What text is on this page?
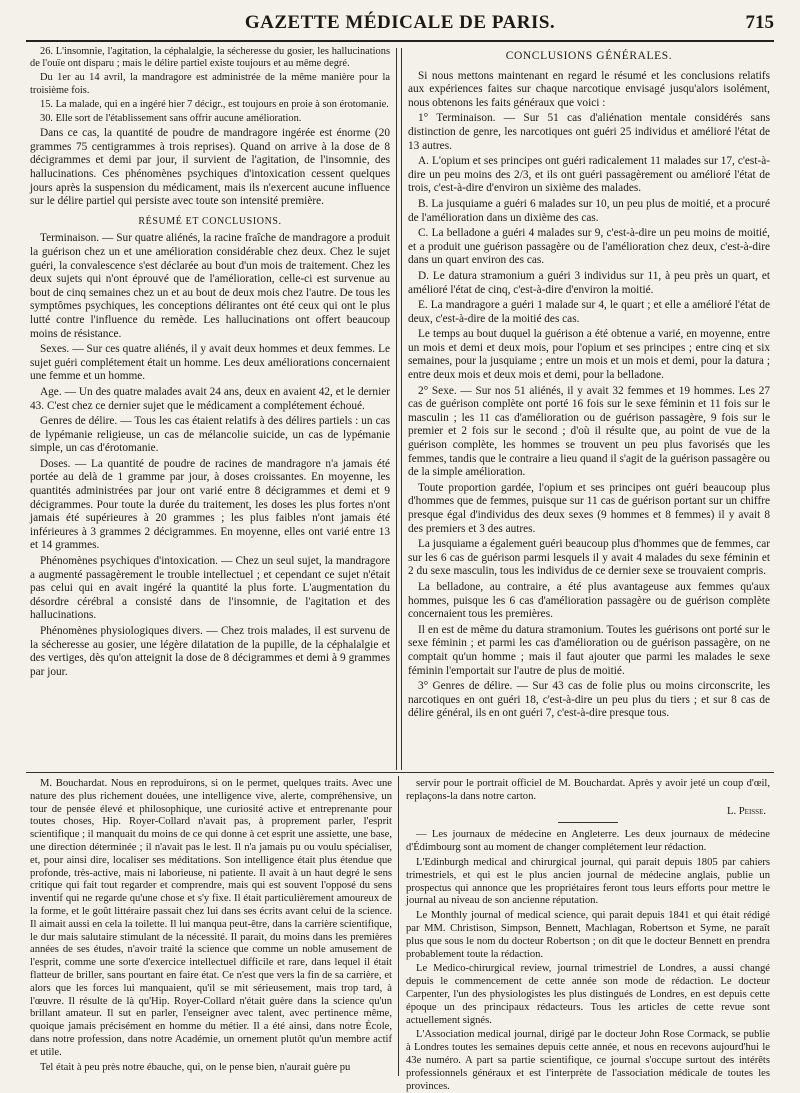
GAZETTE MÉDICALE DE PARIS.	715

26. L'insomnie, l'agitation, la céphalalgie, la sécheresse du gosier, les hallucinations de l'ouïe ont disparu ; mais le délire partiel existe toujours et au même degré.

Du 1er au 14 avril, la mandragore est administrée de la même manière pour la troisième fois.

15. La malade, qui en a ingéré hier 7 décigr., est toujours en proie à son érotomanie.

30. Elle sort de l'établissement sans offrir aucune amélioration.

Dans ce cas, la quantité de poudre de mandragore ingérée est énorme (20 grammes 75 centigrammes à trois reprises). Quand on arrive à la dose de 8 décigrammes et demi par jour, il survient de l'agitation, de l'insomnie, des hallucinations. Ces phénomènes psychiques d'intoxication cessent quelques jours après la suspension du médicament, mais ils n'exercent aucune influence sur le délire partiel qui persiste avec toute son intensité première.

RÉSUMÉ ET CONCLUSIONS.

Terminaison. — Sur quatre aliénés, la racine fraîche de mandragore a produit la guérison chez un et une amélioration considérable chez deux. Chez le sujet guéri, la convalescence s'est déclarée au bout d'un mois de traitement. Chez les deux sujets qui n'ont éprouvé que de l'amélioration, celle-ci est survenue au bout de cinq semaines chez un et au bout de deux mois chez l'autre. De tous les symptômes psychiques, les conceptions délirantes ont été ceux qui ont le plus lutté contre l'influence du remède. Les hallucinations ont offert beaucoup moins de résistance.

Sexes. — Sur ces quatre aliénés, il y avait deux hommes et deux femmes. Le sujet guéri complétement était un homme. Les deux améliorations concernaient une femme et un homme.

Age. — Un des quatre malades avait 24 ans, deux en avaient 42, et le dernier 43. C'est chez ce dernier sujet que le médicament a complétement échoué.

Genres de délire. — Tous les cas étaient relatifs à des délires partiels : un cas de lypémanie religieuse, un cas de mélancolie suicide, un cas de lypémanie simple, un cas d'érotomanie.

Doses. — La quantité de poudre de racines de mandragore n'a jamais été portée au delà de 1 gramme par jour, à doses croissantes. En moyenne, les quantités administrées par jour ont varié entre 8 décigrammes et demi et 9 décigrammes. Pour toute la durée du traitement, les doses les plus fortes n'ont jamais été supérieures à 20 grammes ; les plus faibles n'ont jamais été inférieures à 3 grammes 2 décigrammes. En moyenne, elles ont varié entre 13 et 14 grammes.

Phénomènes psychiques d'intoxication. — Chez un seul sujet, la mandragore a augmenté passagèrement le trouble intellectuel ; et cependant ce sujet n'était pas celui qui en avait ingéré la quantité la plus forte. L'augmentation du désordre cérébral a consisté dans de l'insomnie, de l'agitation et des hallucinations.

Phénomènes physiologiques divers. — Chez trois malades, il est survenu de la sécheresse au gosier, une légère dilatation de la pupille, de la céphalalgie et des vertiges, dès qu'on atteignit la dose de 8 décigrammes et demi à 9 grammes par jour.

CONCLUSIONS GÉNÉRALES.

Si nous mettons maintenant en regard le résumé et les conclusions relatifs aux expériences faites sur chaque narcotique envisagé jusqu'alors isolément, nous obtenons les faits généraux que voici :

1° Terminaison. — Sur 51 cas d'aliénation mentale considérés sans distinction de genre, les narcotiques ont guéri 25 individus et amélioré l'état de 13 autres.

A. L'opium et ses principes ont guéri radicalement 11 malades sur 17, c'est-à-dire un peu moins des 2/3, et ils ont guéri passagèrement ou amélioré l'état de trois, c'est-à-dire d'environ un sixième des malades.

B. La jusquiame a guéri 6 malades sur 10, un peu plus de moitié, et a procuré de l'amélioration dans un dixième des cas.

C. La belladone a guéri 4 malades sur 9, c'est-à-dire un peu moins de moitié, et a produit une guérison passagère ou de l'amélioration chez deux, c'est-à-dire dans un quart environ des cas.

D. Le datura stramonium a guéri 3 individus sur 11, à peu près un quart, et amélioré l'état de cinq, c'est-à-dire d'environ la moitié.

E. La mandragore a guéri 1 malade sur 4, le quart ; et elle a amélioré l'état de deux, c'est-à-dire de la moitié des cas.

Le temps au bout duquel la guérison a été obtenue a varié, en moyenne, entre un mois et demi et deux mois, pour l'opium et ses principes ; entre cinq et six semaines, pour la jusquiame ; entre un mois et un mois et demi, pour la datura ; entre deux mois et deux mois et demi, pour la belladone.

2° Sexe. — Sur nos 51 aliénés, il y avait 32 femmes et 19 hommes. Les 27 cas de guérison complète ont porté 16 fois sur le sexe féminin et 11 fois sur le masculin ; les 11 cas d'amélioration ou de guérison passagère, 9 fois sur le premier et 2 fois sur le second ; d'où il résulte que, au point de vue de la guérison complète, les hommes se trouvent un peu plus favorisés que les femmes, tandis que le contraire a lieu quand il s'agit de la guérison passagère ou de la simple amélioration.

Toute proportion gardée, l'opium et ses principes ont guéri beaucoup plus d'hommes que de femmes, puisque sur 11 cas de guérison portant sur un chiffre presque égal d'individus des deux sexes (9 hommes et 8 femmes) il y avait 8 des premiers et 3 des autres.

La jusquiame a également guéri beaucoup plus d'hommes que de femmes, car sur les 6 cas de guérison parmi lesquels il y avait 4 malades du sexe féminin et 2 du sexe masculin, tous les individus de ce dernier sexe se trouvaient compris.

La belladone, au contraire, a été plus avantageuse aux femmes qu'aux hommes, puisque les 6 cas d'amélioration passagère ou de guérison complète concernaient tous les premières.

Il en est de même du datura stramonium. Toutes les guérisons ont porté sur le sexe féminin ; et parmi les cas d'amélioration ou de guérison passagère, on ne comptait qu'un homme ; mais il faut ajouter que parmi les malades le sexe féminin l'emportait sur l'autre de plus de moitié.

3° Genres de délire. — Sur 43 cas de folie plus ou moins circonscrite, les narcotiques en ont guéri 18, c'est-à-dire un peu plus du tiers ; et sur 8 cas de délire général, ils en ont guéri 7, c'est-à-dire presque tous.

M. Bouchardat. Nous en reproduirons, si on le permet, quelques traits. Avec une nature des plus richement douées, une intelligence vive, alerte, compréhensive, un tour de pensée élevé et philosophique, une curiosité active et entreprenante pour toutes choses, Hip. Royer-Collard n'avait pas, à proprement parler, l'esprit scientifique ; il manquait du moins de ce qui donne à cet esprit une assiette, une base, une direction déterminée ; il n'avait pas le lest. Il n'a jamais pu ou voulu spécialiser, et, pour ainsi dire, localiser ses méditations. Son intelligence était plus étendue que profonde, très-active, mais ni laborieuse, ni patiente. Il avait à un haut degré le sens critique qui fait tout regarder et comprendre, mais qui est souvent l'opposé du sens inventif qui ne regarde qu'une chose et s'y fixe. Il était particulièrement amoureux de la forme, et le goût littéraire passait chez lui dans ses écrits avant celui de la science. Il aimait aussi en cela la toilette. Il lui manqua peut-être, dans la carrière scientifique, le dur mais salutaire stimulant de la nécessité. Il parait, du moins dans les premières années de ses études, n'avoir traité la science que comme un noble amusement de l'esprit, comme une sorte d'exercice intellectuel difficile et rare, dans lequel il était flatteur de briller, sans pourtant en faire état. Ce n'est que vers la fin de sa carrière, et alors que les forces lui manquaient, qu'il se mit sérieusement, mais trop tard, à l'œuvre. Il résulte de là qu'Hip. Royer-Collard n'était guère dans la science qu'un brillant amateur. Il sut en parler, l'enseigner avec talent, avec pertinence même, quoique jamais précisément en homme du métier. Il a été ainsi, dans notre École, dans notre profession, dans notre Académie, un ornement plutôt qu'un membre actif et utile.

Tel était à peu près notre ébauche, qui, on le pense bien, n'aurait guère pu

servir pour le portrait officiel de M. Bouchardat. Après y avoir jeté un coup d'œil, replaçons-la dans notre carton.

L. Peisse.

— Les journaux de médecine en Angleterre. Les deux journaux de médecine d'Édimbourg sont au moment de changer complétement leur rédaction.

L'Edinburgh medical and chirurgical journal, qui parait depuis 1805 par cahiers trimestriels, et qui est le plus ancien journal de médecine anglais, publie un prospectus qui annonce que les propriétaires feront tous leurs efforts pour mettre le journal au niveau de son ancienne réputation.

Le Monthly journal of medical science, qui parait depuis 1841 et qui était rédigé par MM. Christison, Simpson, Bennett, Machlagan, Robertson et Syme, ne paraît plus que sous le nom du docteur Robertson ; on dit que le docteur Bennett en prendra probablement toute la rédaction.

Le Medico-chirurgical review, journal trimestriel de Londres, a aussi changé depuis le commencement de cette année son mode de rédaction. Le docteur Carpenter, l'un des physiologistes les plus distingués de Londres, en est depuis cette époque un des principaux rédacteurs. Tous les articles de cette revue sont actuellement signés.

L'Association medical journal, dirigé par le docteur John Rose Cormack, se publie à Londres toutes les semaines depuis cette année, et nous en recevons aujourd'hui le 43e numéro. A part sa partie scientifique, ce journal s'occupe surtout des intérêts professionnels généraux et est l'interprète de l'association médicale de toutes les provinces.
